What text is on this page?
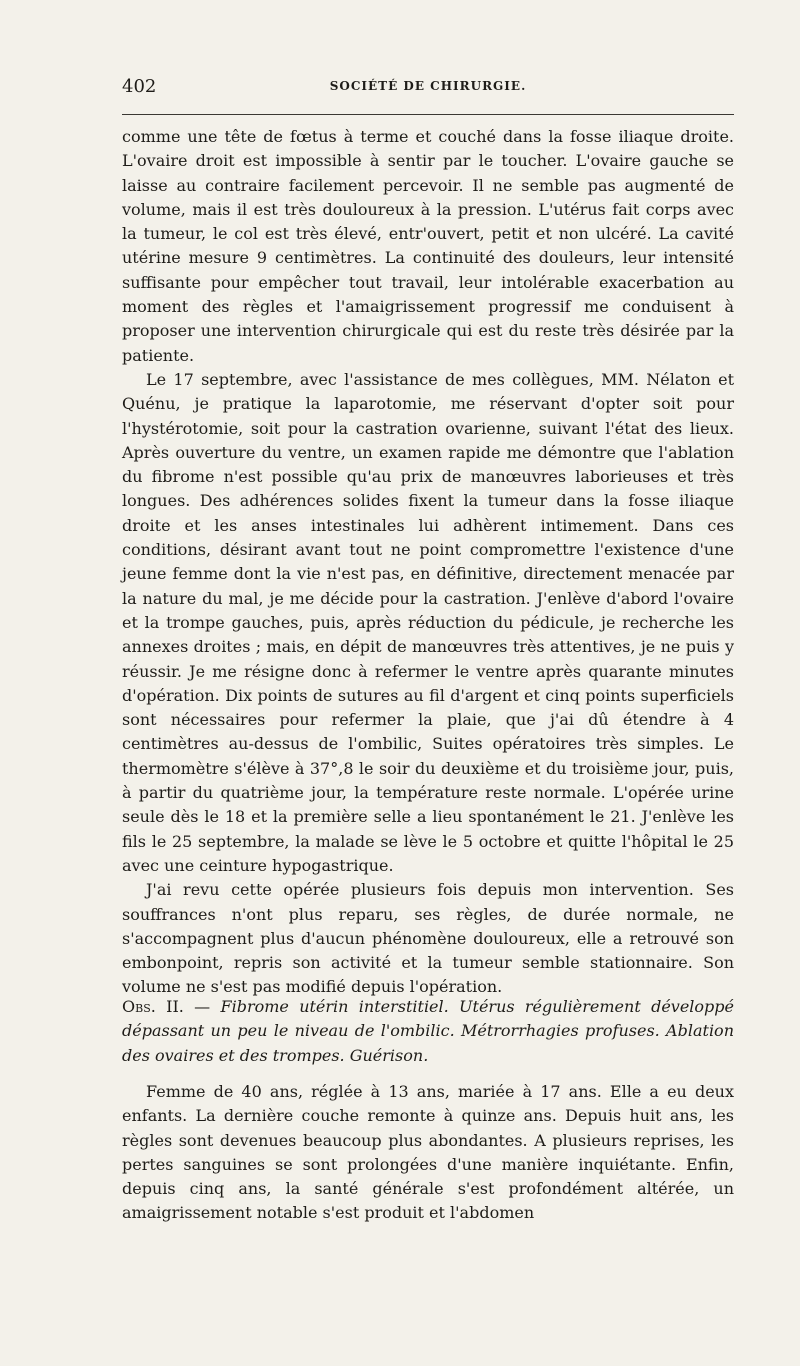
402	SOCIÉTÉ DE CHIRURGIE.

comme une tête de fœtus à terme et couché dans la fosse iliaque droite. L'ovaire droit est impossible à sentir par le toucher. L'ovaire gauche se laisse au contraire facilement percevoir. Il ne semble pas augmenté de volume, mais il est très douloureux à la pression. L'utérus fait corps avec la tumeur, le col est très élevé, entr'ouvert, petit et non ulcéré. La cavité utérine mesure 9 centimètres. La continuité des douleurs, leur intensité suffisante pour empêcher tout travail, leur intolérable exacerbation au moment des règles et l'amaigrissement progressif me conduisent à proposer une intervention chirurgicale qui est du reste très désirée par la patiente.

Le 17 septembre, avec l'assistance de mes collègues, MM. Nélaton et Quénu, je pratique la laparotomie, me réservant d'opter soit pour l'hystérotomie, soit pour la castration ovarienne, suivant l'état des lieux. Après ouverture du ventre, un examen rapide me démontre que l'ablation du fibrome n'est possible qu'au prix de manœuvres laborieuses et très longues. Des adhérences solides fixent la tumeur dans la fosse iliaque droite et les anses intestinales lui adhèrent intimement. Dans ces conditions, désirant avant tout ne point compromettre l'existence d'une jeune femme dont la vie n'est pas, en définitive, directement menacée par la nature du mal, je me décide pour la castration. J'enlève d'abord l'ovaire et la trompe gauches, puis, après réduction du pédicule, je recherche les annexes droites ; mais, en dépit de manœuvres très attentives, je ne puis y réussir. Je me résigne donc à refermer le ventre après quarante minutes d'opération. Dix points de sutures au fil d'argent et cinq points superficiels sont nécessaires pour refermer la plaie, que j'ai dû étendre à 4 centimètres au-dessus de l'ombilic, Suites opératoires très simples. Le thermomètre s'élève à 37°,8 le soir du deuxième et du troisième jour, puis, à partir du quatrième jour, la température reste normale. L'opérée urine seule dès le 18 et la première selle a lieu spontanément le 21. J'enlève les fils le 25 septembre, la malade se lève le 5 octobre et quitte l'hôpital le 25 avec une ceinture hypogastrique.

J'ai revu cette opérée plusieurs fois depuis mon intervention. Ses souffrances n'ont plus reparu, ses règles, de durée normale, ne s'accompagnent plus d'aucun phénomène douloureux, elle a retrouvé son embonpoint, repris son activité et la tumeur semble stationnaire. Son volume ne s'est pas modifié depuis l'opération.

Obs. II. — Fibrome utérin interstitiel. Utérus régulièrement développé dépassant un peu le niveau de l'ombilic. Métrorrhagies profuses. Ablation des ovaires et des trompes. Guérison.

Femme de 40 ans, réglée à 13 ans, mariée à 17 ans. Elle a eu deux enfants. La dernière couche remonte à quinze ans. Depuis huit ans, les règles sont devenues beaucoup plus abondantes. A plusieurs reprises, les pertes sanguines se sont prolongées d'une manière inquiétante. Enfin, depuis cinq ans, la santé générale s'est profondément altérée, un amaigrissement notable s'est produit et l'abdomen
